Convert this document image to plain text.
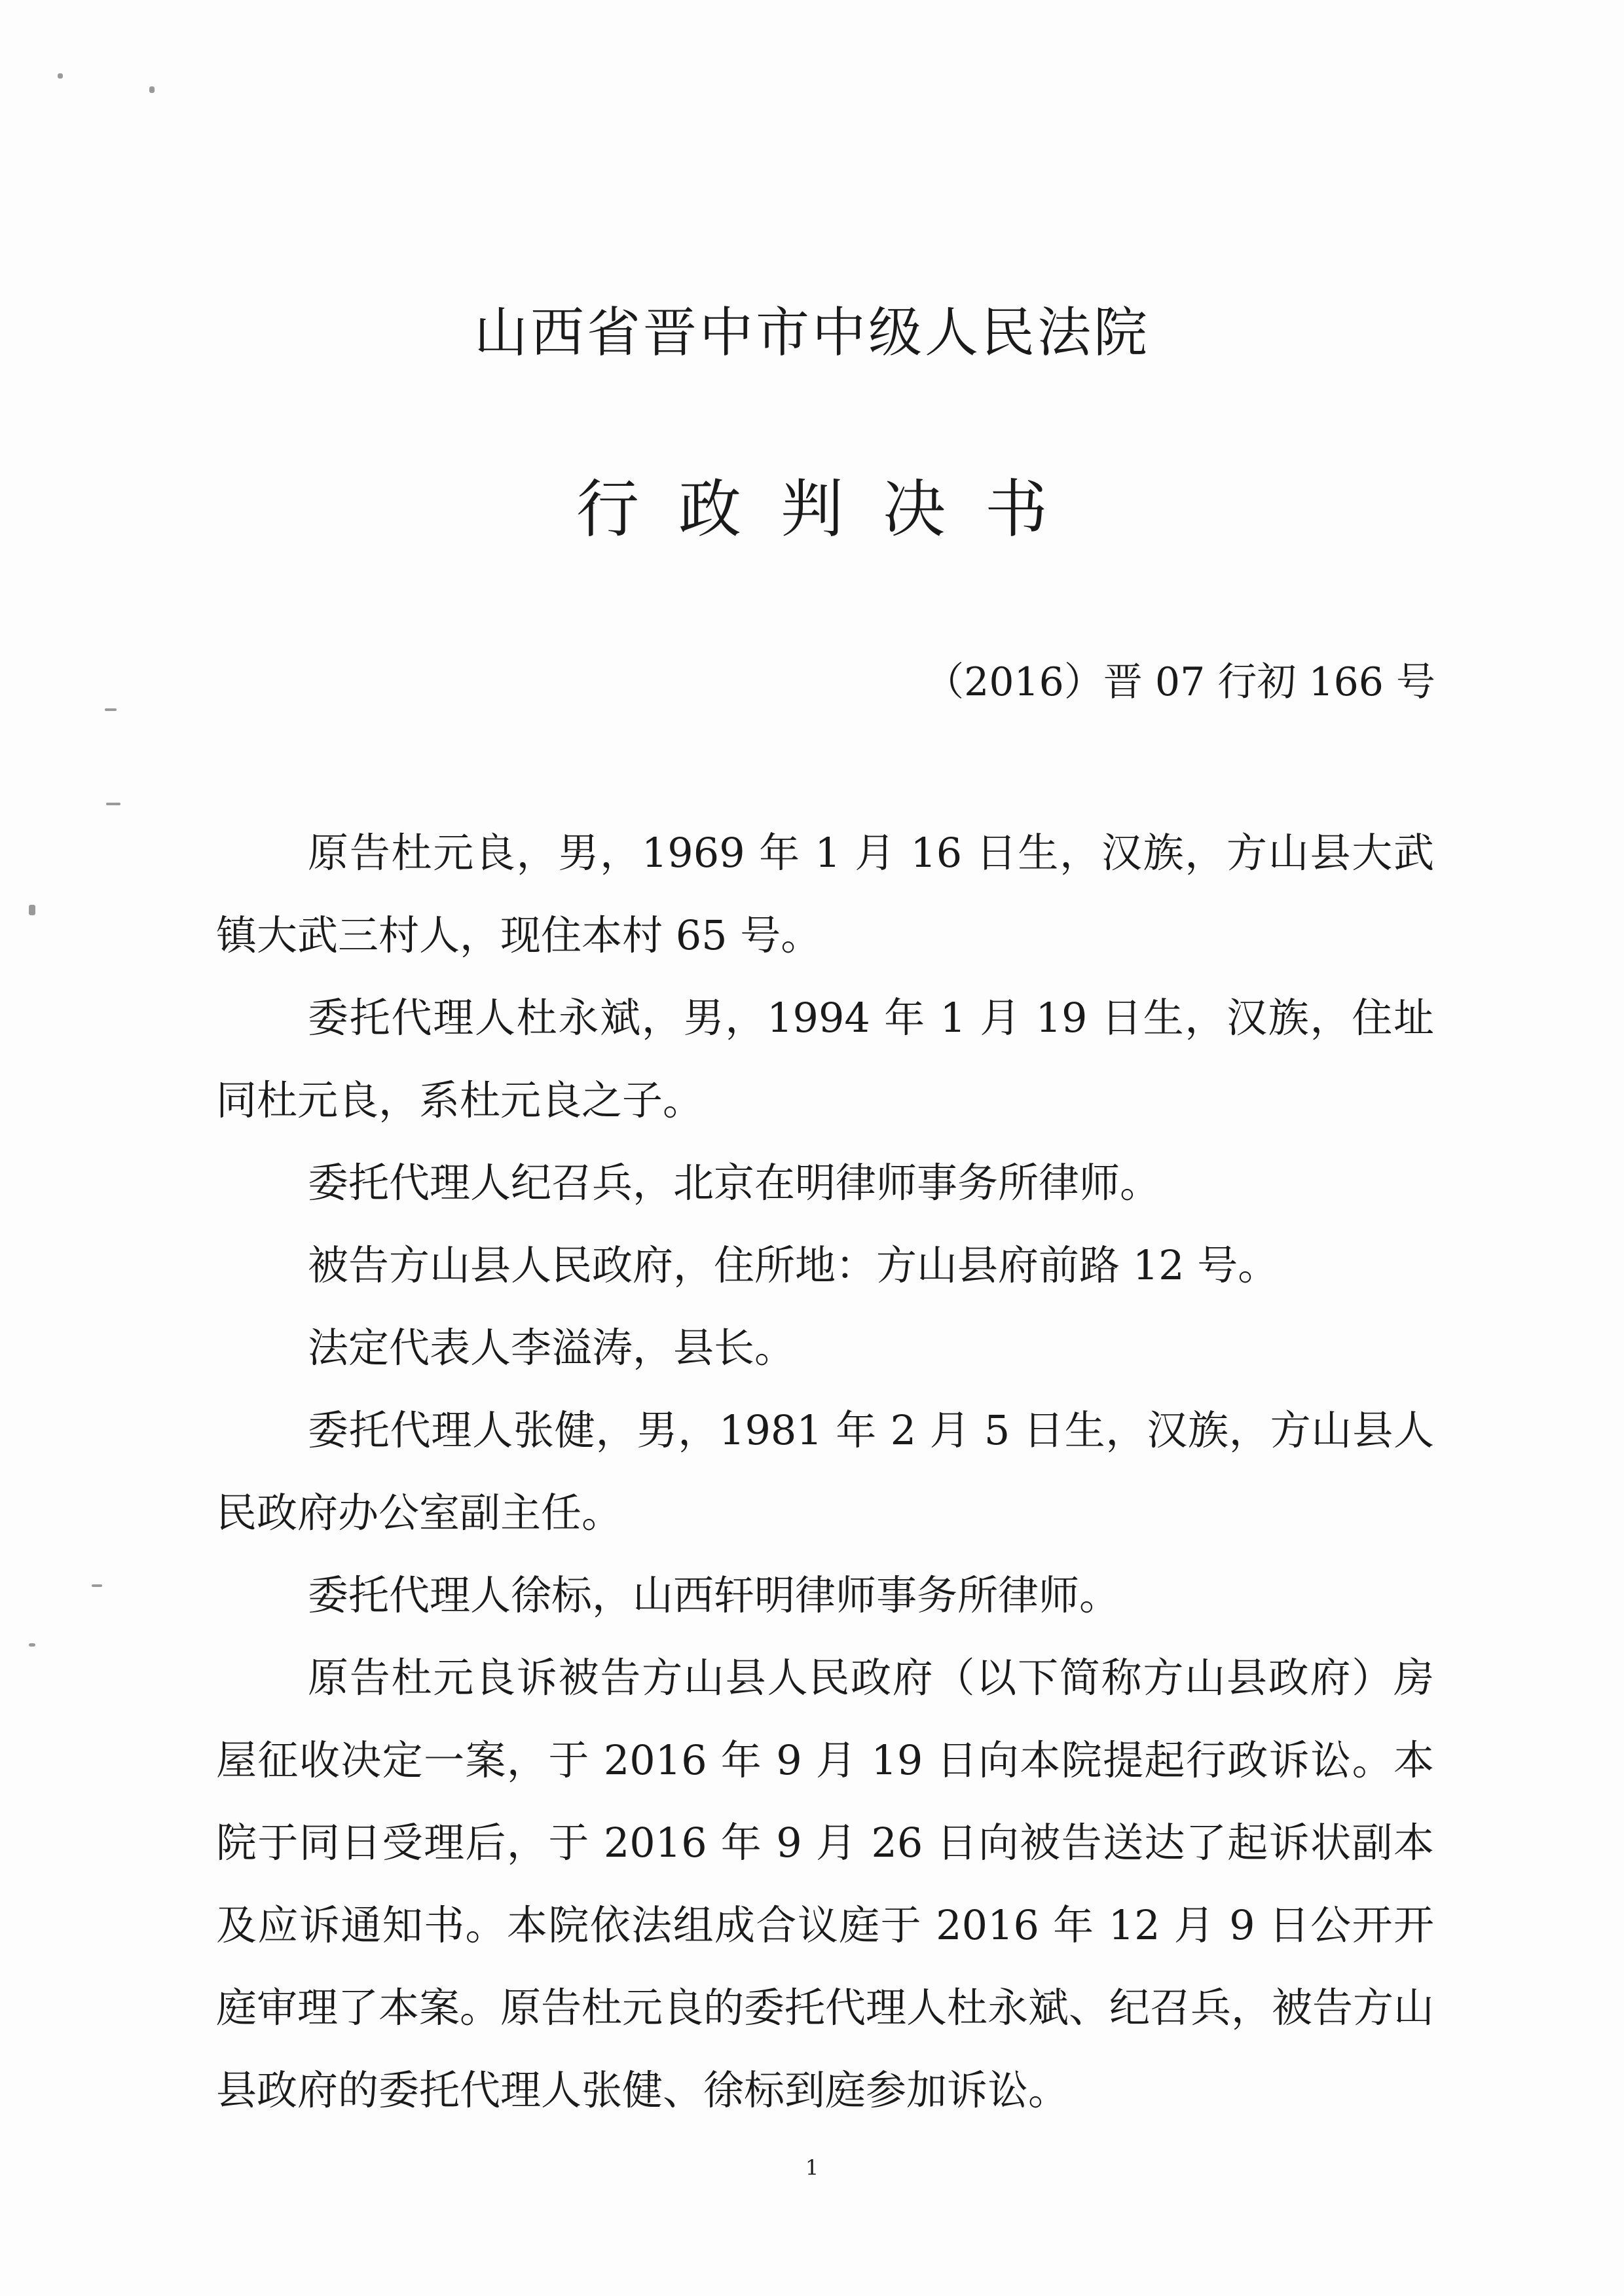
山西省晋中市中级人民法院
行政判决书
（2016）晋 07 行初 166 号

原告杜元良，男，1969 年 1 月 16 日生，汉族，方山县大武镇大武三村人，现住本村 65 号。

委托代理人杜永斌，男，1994 年 1 月 19 日生，汉族，住址同杜元良，系杜元良之子。

委托代理人纪召兵，北京在明律师事务所律师。

被告方山县人民政府，住所地：方山县府前路 12 号。

法定代表人李溢涛，县长。

委托代理人张健，男，1981 年 2 月 5 日生，汉族，方山县人民政府办公室副主任。

委托代理人徐标，山西轩明律师事务所律师。

原告杜元良诉被告方山县人民政府（以下简称方山县政府）房屋征收决定一案，于 2016 年 9 月 19 日向本院提起行政诉讼。本院于同日受理后，于 2016 年 9 月 26 日向被告送达了起诉状副本及应诉通知书。本院依法组成合议庭于 2016 年 12 月 9 日公开开庭审理了本案。原告杜元良的委托代理人杜永斌、纪召兵，被告方山县政府的委托代理人张健、徐标到庭参加诉讼。

1
